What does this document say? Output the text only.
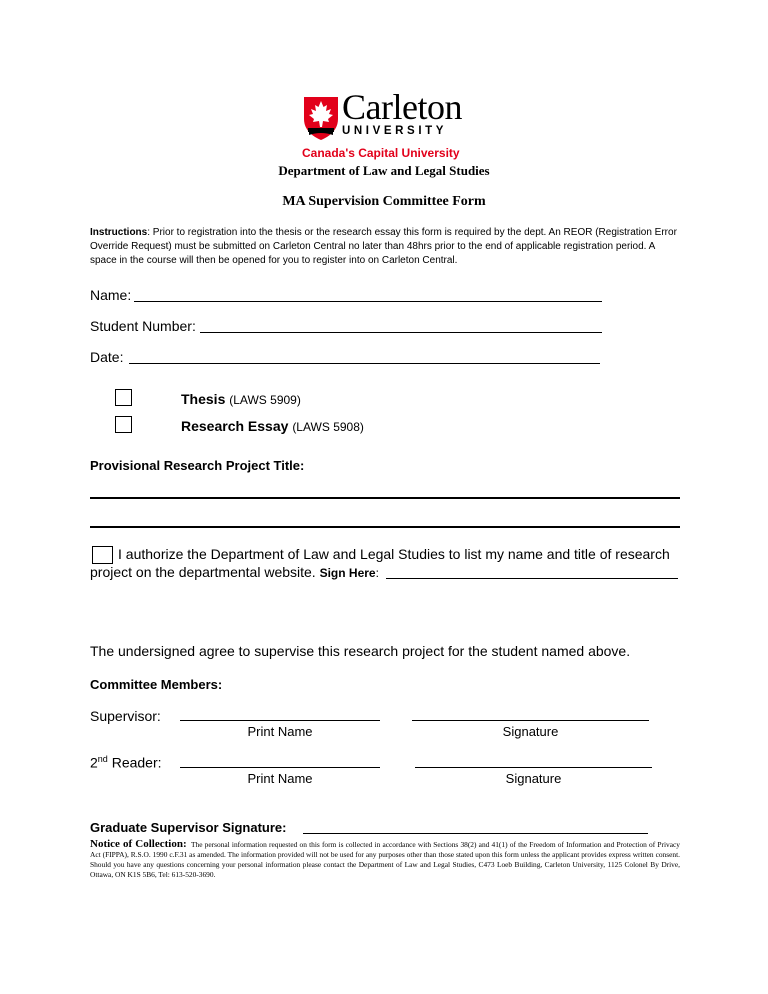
Carleton
UNIVERSITY
Canada's Capital University
Department of Law and Legal Studies
MA Supervision Committee Form
Instructions: Prior to registration into the thesis or the research essay this form is required by the dept. An REOR (Registration Error Override Request) must be submitted on Carleton Central no later than 48hrs prior to the end of applicable registration period. A space in the course will then be opened for you to register into on Carleton Central.
Name:
Student Number:
Date:
Thesis (LAWS 5909)
Research Essay (LAWS 5908)
Provisional Research Project Title:
I authorize the Department of Law and Legal Studies to list my name and title of research
project on the departmental website. Sign Here:
The undersigned agree to supervise this research project for the student named above.
Committee Members:
Supervisor:
Print Name	Signature
2nd Reader:
Print Name	Signature
Graduate Supervisor Signature:
Notice of Collection: The personal information requested on this form is collected in accordance with Sections 38(2) and 41(1) of the Freedom of Information and Protection of Privacy Act (FIPPA), R.S.O. 1990 c.F.31 as amended. The information provided will not be used for any purposes other than those stated upon this form unless the applicant provides express written consent. Should you have any questions concerning your personal information please contact the Department of Law and Legal Studies, C473 Loeb Building, Carleton University, 1125 Colonel By Drive, Ottawa, ON K1S 5B6, Tel: 613-520-3690.
